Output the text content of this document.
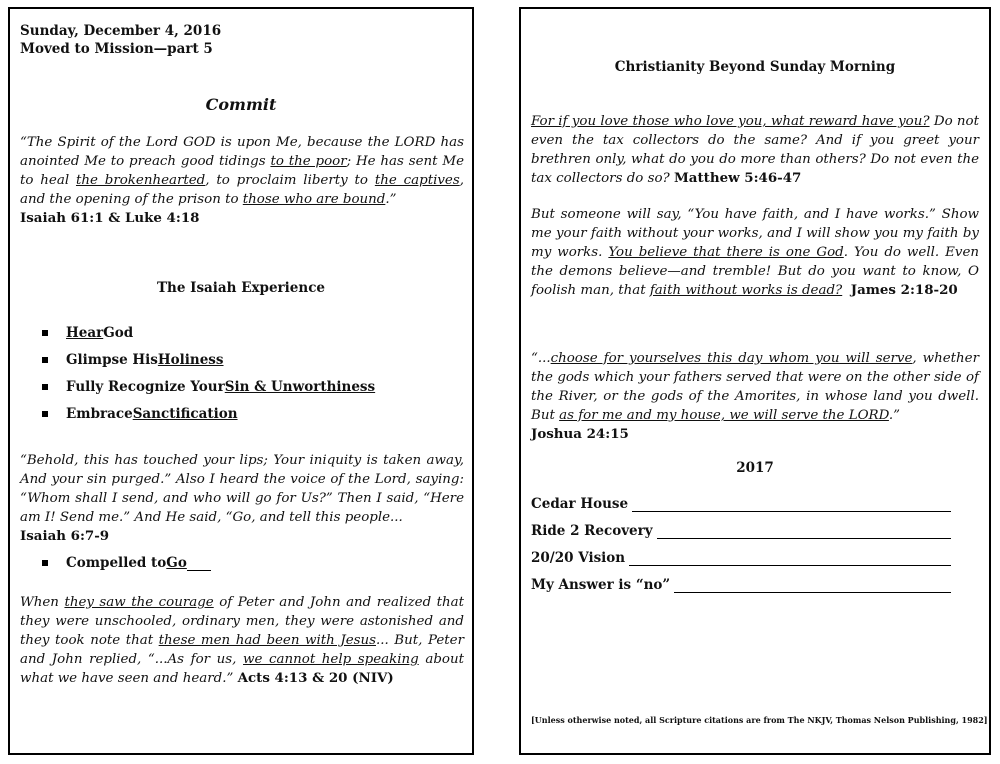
Sunday, December 4, 2016
Moved to Mission—part 5
Commit
“The Spirit of the Lord GOD is upon Me, because the LORD has anointed Me to preach good tidings to the poor; He has sent Me to heal the brokenhearted, to proclaim liberty to the captives, and the opening of the prison to those who are bound.”
Isaiah 61:1 & Luke 4:18
The Isaiah Experience
Hear God
Glimpse His Holiness
Fully Recognize Your Sin & Unworthiness
Embrace Sanctification
“Behold, this has touched your lips; Your iniquity is taken away, And your sin purged.” Also I heard the voice of the Lord, saying: “Whom shall I send, and who will go for Us?” Then I said, “Here am I! Send me.” And He said, “Go, and tell this people...
Isaiah 6:7-9
Compelled to Go
When they saw the courage of Peter and John and realized that they were unschooled, ordinary men, they were astonished and they took note that these men had been with Jesus... But, Peter and John replied, “...As for us, we cannot help speaking about what we have seen and heard.” Acts 4:13 & 20 (NIV)
Christianity Beyond Sunday Morning
For if you love those who love you, what reward have you? Do not even the tax collectors do the same? And if you greet your brethren only, what do you do more than others? Do not even the tax collectors do so? Matthew 5:46-47
But someone will say, “You have faith, and I have works.” Show me your faith without your works, and I will show you my faith by my works. You believe that there is one God. You do well. Even the demons believe—and tremble! But do you want to know, O foolish man, that faith without works is dead? James 2:18-20
“...choose for yourselves this day whom you will serve, whether the gods which your fathers served that were on the other side of the River, or the gods of the Amorites, in whose land you dwell. But as for me and my house, we will serve the LORD.”
Joshua 24:15
2017
Cedar House
Ride 2 Recovery
20/20 Vision
My Answer is “no”
[Unless otherwise noted, all Scripture citations are from The NKJV, Thomas Nelson Publishing, 1982]
